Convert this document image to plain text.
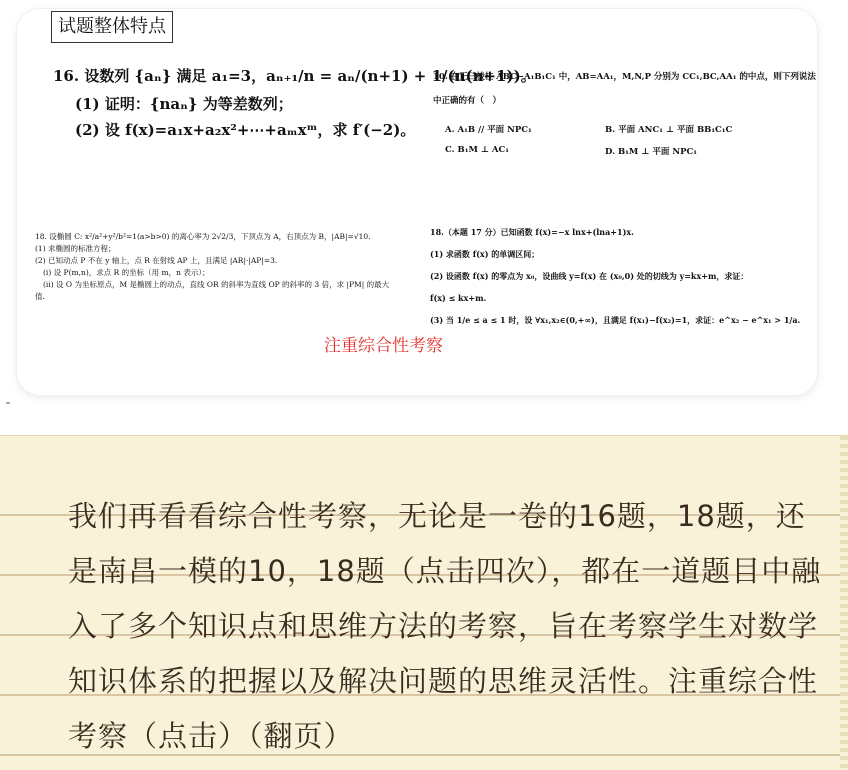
试题整体特点
16. 设数列 {aₙ} 满足 a₁=3，aₙ₊₁/n = aₙ/(n+1) + 1/(n(n+1))。
(1) 证明：{naₙ} 为等差数列；
(2) 设 f(x)=a₁x+a₂x²+⋯+aₘxᵐ，求 f′(−2)。
10. 在正三棱柱 ABC−A₁B₁C₁ 中，AB=AA₁，M,N,P 分别为 CC₁,BC,AA₁ 的中点，则下列说法
中正确的有（　）
A. A₁B // 平面 NPC₁	B. 平面 ANC₁ ⊥ 平面 BB₁C₁C
C. B₁M ⊥ AC₁	D. B₁M ⊥ 平面 NPC₁
18. 设椭圆 C: x²/a²+y²/b²=1(a>b>0) 的离心率为 2√2/3，下顶点为 A，右顶点为 B，|AB|=√10.
(1) 求椭圆的标准方程；
(2) 已知动点 P 不在 y 轴上，点 R 在射线 AP 上，且满足 |AR|·|AP|=3.
(i) 设 P(m,n)，求点 R 的坐标（用 m，n 表示）；
(ii) 设 O 为坐标原点，M 是椭圆上的动点，直线 OR 的斜率为直线 OP 的斜率的 3 倍，求 |PM| 的最大
值.
18.（本题 17 分）已知函数 f(x)=−x lnx+(lna+1)x.
(1) 求函数 f(x) 的单调区间；
(2) 设函数 f(x) 的零点为 x₀，设曲线 y=f(x) 在 (x₀,0) 处的切线为 y=kx+m，求证：
f(x) ≤ kx+m.
(3) 当 1/e ≤ a ≤ 1 时，设 ∀x₁,x₂∈(0,+∞)，且满足 f(x₁)−f(x₂)=1，求证：e^x₂ − e^x₁ > 1/a.
注重综合性考察
我们再看看综合性考察，无论是一卷的16题，18题，还是南昌一模的10，18题（点击四次），都在一道题目中融入了多个知识点和思维方法的考察，旨在考察学生对数学知识体系的把握以及解决问题的思维灵活性。注重综合性考察（点击）（翻页）
